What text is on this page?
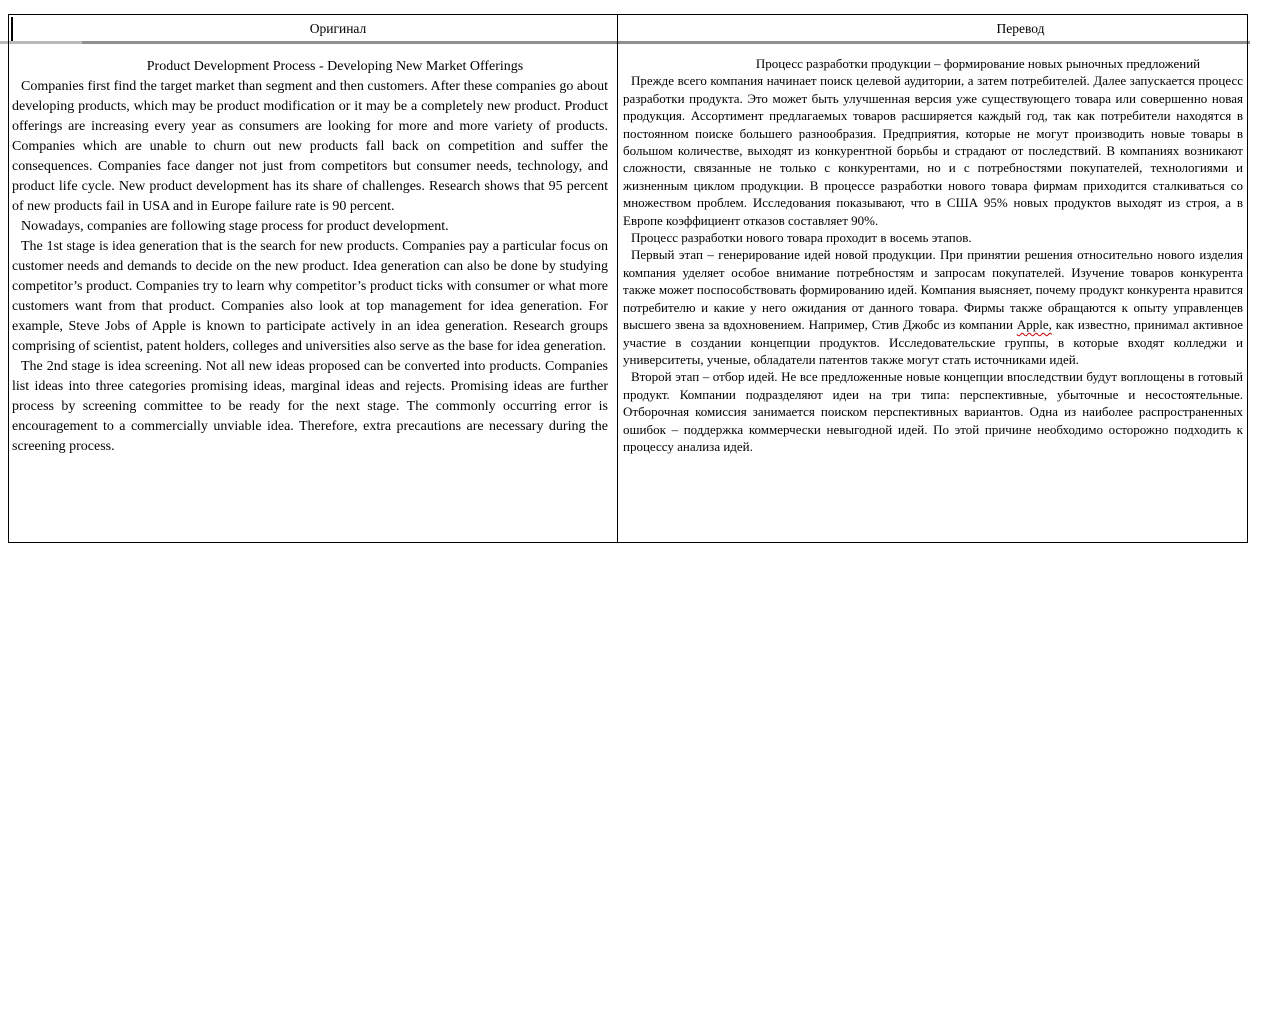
Оригинал	Перевод

Product Development Process - Developing New Market Offerings

Companies first find the target market than segment and then customers. After these companies go about developing products, which may be product modification or it may be a completely new product. Product offerings are increasing every year as consumers are looking for more and more variety of products. Companies which are unable to churn out new products fall back on competition and suffer the consequences. Companies face danger not just from competitors but consumer needs, technology, and product life cycle. New product development has its share of challenges. Research shows that 95 percent of new products fail in USA and in Europe failure rate is 90 percent.

Nowadays, companies are following stage process for product development.

The 1st stage is idea generation that is the search for new products. Companies pay a particular focus on customer needs and demands to decide on the new product. Idea generation can also be done by studying competitor’s product. Companies try to learn why competitor’s product ticks with consumer or what more customers want from that product. Companies also look at top management for idea generation. For example, Steve Jobs of Apple is known to participate actively in an idea generation. Research groups comprising of scientist, patent holders, colleges and universities also serve as the base for idea generation.

The 2nd stage is idea screening. Not all new ideas proposed can be converted into products. Companies list ideas into three categories promising ideas, marginal ideas and rejects. Promising ideas are further process by screening committee to be ready for the next stage. The commonly occurring error is encouragement to a commercially unviable idea. Therefore, extra precautions are necessary during the screening process.

Процесс разработки продукции – формирование новых рыночных предложений

Прежде всего компания начинает поиск целевой аудитории, а затем потребителей. Далее запускается процесс разработки продукта. Это может быть улучшенная версия уже существующего товара или совершенно новая продукция. Ассортимент предлагаемых товаров расширяется каждый год, так как потребители находятся в постоянном поиске большего разнообразия. Предприятия, которые не могут производить новые товары в большом количестве, выходят из конкурентной борьбы и страдают от последствий. В компаниях возникают сложности, связанные не только с конкурентами, но и с потребностями покупателей, технологиями и жизненным циклом продукции. В процессе разработки нового товара фирмам приходится сталкиваться со множеством проблем. Исследования показывают, что в США 95% новых продуктов выходят из строя, а в Европе коэффициент отказов составляет 90%.

Процесс разработки нового товара проходит в восемь этапов.

Первый этап – генерирование идей новой продукции. При принятии решения относительно нового изделия компания уделяет особое внимание потребностям и запросам покупателей. Изучение товаров конкурента также может поспособствовать формированию идей. Компания выясняет, почему продукт конкурента нравится потребителю и какие у него ожидания от данного товара. Фирмы также обращаются к опыту управленцев высшего звена за вдохновением. Например, Стив Джобс из компании Apple, как известно, принимал активное участие в создании концепции продуктов. Исследовательские группы, в которые входят колледжи и университеты, ученые, обладатели патентов также могут стать источниками идей.

Второй этап – отбор идей. Не все предложенные новые концепции впоследствии будут воплощены в готовый продукт. Компании подразделяют идеи на три типа: перспективные, убыточные и несостоятельные. Отборочная комиссия занимается поиском перспективных вариантов. Одна из наиболее распространенных ошибок – поддержка коммерчески невыгодной идей. По этой причине необходимо осторожно подходить к процессу анализа идей.
